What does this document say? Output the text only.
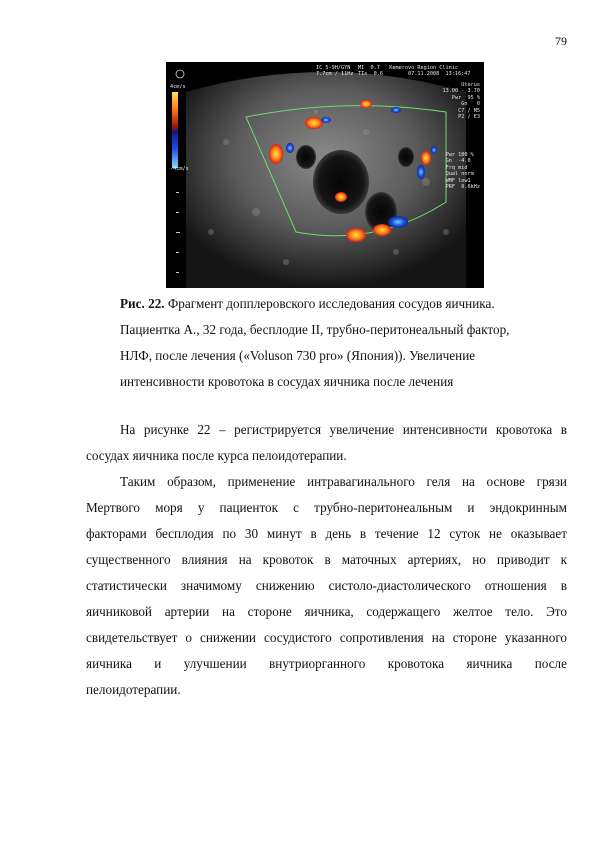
79
IC 5-9H/GYN
7.7cm / 11Hz
MI  0.7   Kemerovo Region Clinic
TIs  0.6        07.11.2008  13:16:47
Uterus
13.00 - 3.70
Pwr  95 %
Gn   0
C7 / M5
P2 / E3
Pwr 100 %
Gn  -4.0
Frq mid
Qual norm
WMF low1
PRF  0.6kHz
4cm/s
-4cm/s
Рис. 22. Фрагмент допплеровского исследования сосудов яичника.
Пациентка А., 32 года, бесплодие II, трубно-перитонеальный фактор,
НЛФ, после лечения («Voluson 730 pro» (Япония)). Увеличение
интенсивности кровотока в сосудах яичника после лечения

На рисунке 22 – регистрируется увеличение интенсивности кровотока в
сосудах яичника после курса пелоидотерапии.

Таким образом, применение интравагинального геля на основе грязи
Мертвого моря у пациенток с трубно-перитонеальным и эндокринным
факторами бесплодия по 30 минут в день в течение 12 суток не оказывает
существенного влияния на кровоток в маточных артериях, но приводит к
статистически значимому снижению систоло-диастолического отношения в
яичниковой артерии на стороне яичника, содержащего желтое тело. Это
свидетельствует о снижении сосудистого сопротивления на стороне указанного
яичника и улучшении внутриорганного кровотока яичника после
пелоидотерапии.
